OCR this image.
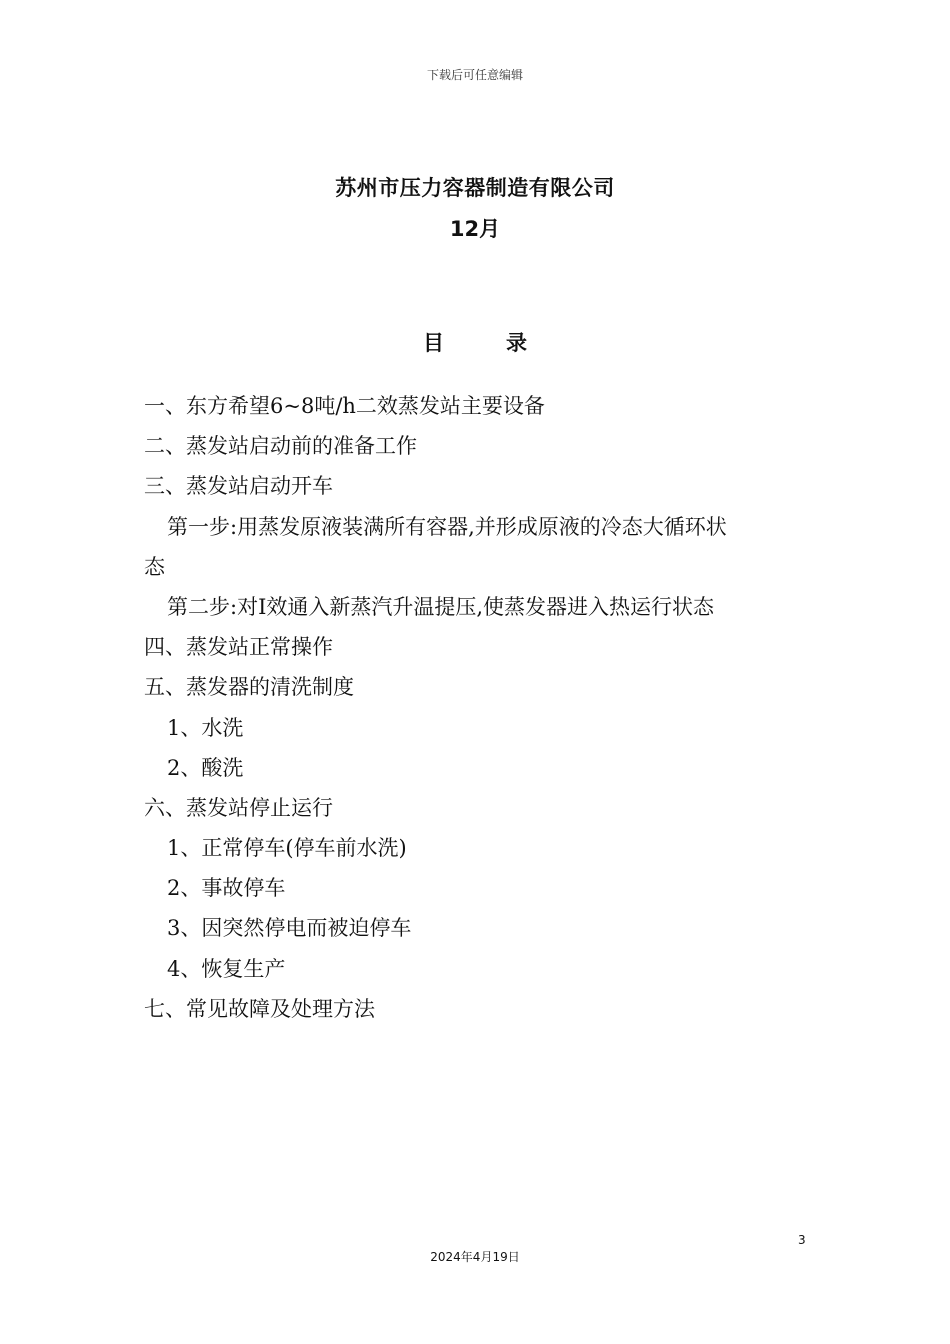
下载后可任意编辑
苏州市压力容器制造有限公司
12月
目	录
一、东方希望6~8吨/h二效蒸发站主要设备
二、蒸发站启动前的准备工作
三、蒸发站启动开车
第一步:用蒸发原液装满所有容器,并形成原液的冷态大循环状
态
第二步:对Ⅰ效通入新蒸汽升温提压,使蒸发器进入热运行状态
四、蒸发站正常操作
五、蒸发器的清洗制度
1、水洗
2、酸洗
六、蒸发站停止运行
1、正常停车(停车前水洗)
2、事故停车
3、因突然停电而被迫停车
4、恢复生产
七、常见故障及处理方法
3
2024年4月19日
